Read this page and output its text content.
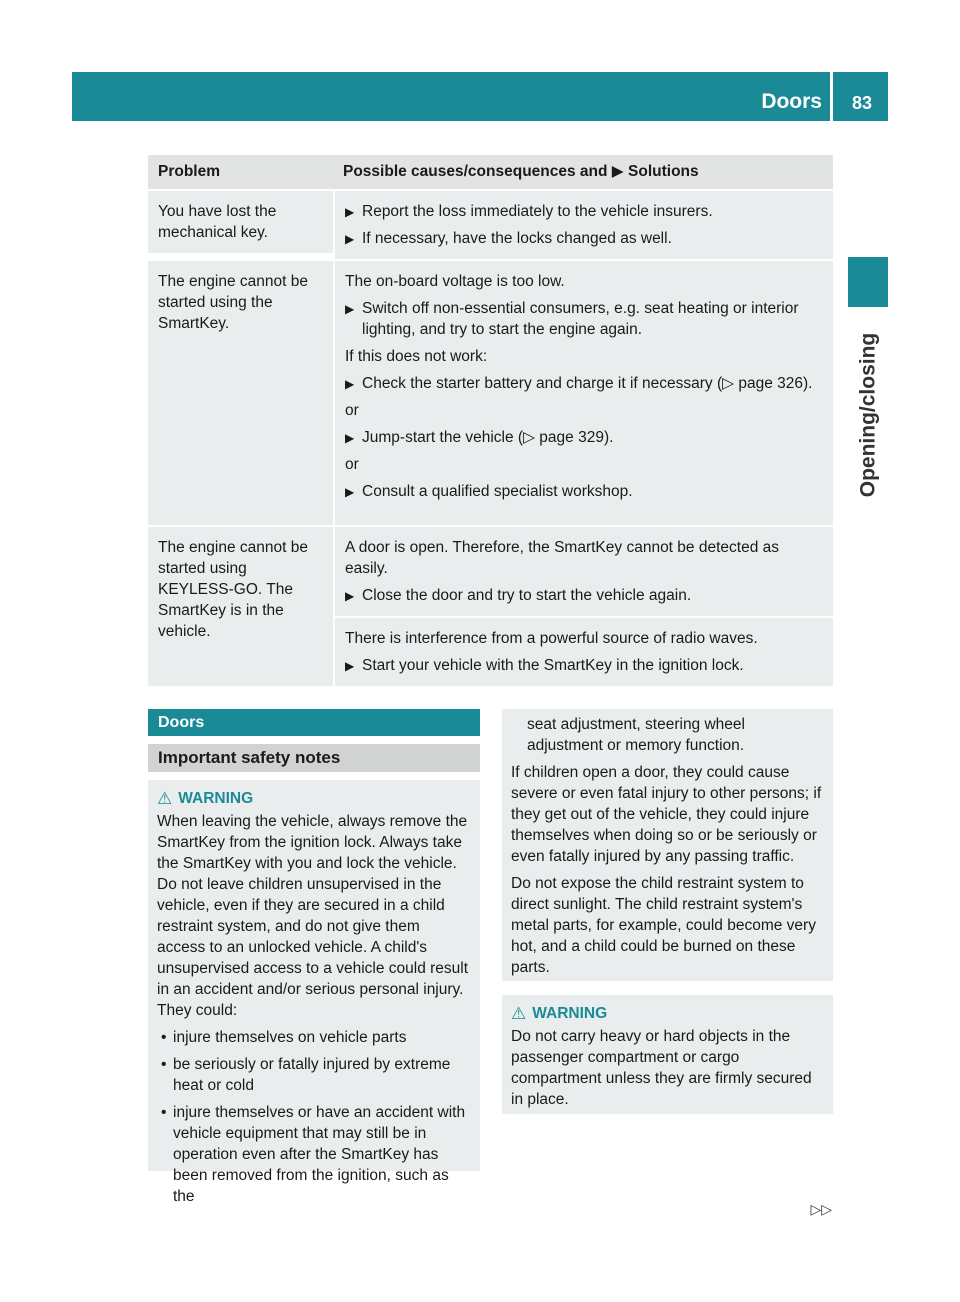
Doors 83
Opening/closing
Problem	Possible causes/consequences and ▶ Solutions
You have lost the mechanical key.
▶ Report the loss immediately to the vehicle insurers.
▶ If necessary, have the locks changed as well.
The engine cannot be started using the SmartKey.
The on-board voltage is too low.
▶ Switch off non-essential consumers, e.g. seat heating or interior lighting, and try to start the engine again.
If this does not work:
▶ Check the starter battery and charge it if necessary (▷ page 326).
or
▶ Jump-start the vehicle (▷ page 329).
or
▶ Consult a qualified specialist workshop.
The engine cannot be started using KEYLESS-GO. The SmartKey is in the vehicle.
A door is open. Therefore, the SmartKey cannot be detected as easily.
▶ Close the door and try to start the vehicle again.
There is interference from a powerful source of radio waves.
▶ Start your vehicle with the SmartKey in the ignition lock.
Doors
Important safety notes
⚠ WARNING
When leaving the vehicle, always remove the SmartKey from the ignition lock. Always take the SmartKey with you and lock the vehicle. Do not leave children unsupervised in the vehicle, even if they are secured in a child restraint system, and do not give them access to an unlocked vehicle. A child's unsupervised access to a vehicle could result in an accident and/or serious personal injury. They could:
• injure themselves on vehicle parts
• be seriously or fatally injured by extreme heat or cold
• injure themselves or have an accident with vehicle equipment that may still be in operation even after the SmartKey has been removed from the ignition, such as the
seat adjustment, steering wheel adjustment or memory function.
If children open a door, they could cause severe or even fatal injury to other persons; if they get out of the vehicle, they could injure themselves when doing so or be seriously or even fatally injured by any passing traffic.
Do not expose the child restraint system to direct sunlight. The child restraint system's metal parts, for example, could become very hot, and a child could be burned on these parts.
⚠ WARNING
Do not carry heavy or hard objects in the passenger compartment or cargo compartment unless they are firmly secured in place.
▷▷
